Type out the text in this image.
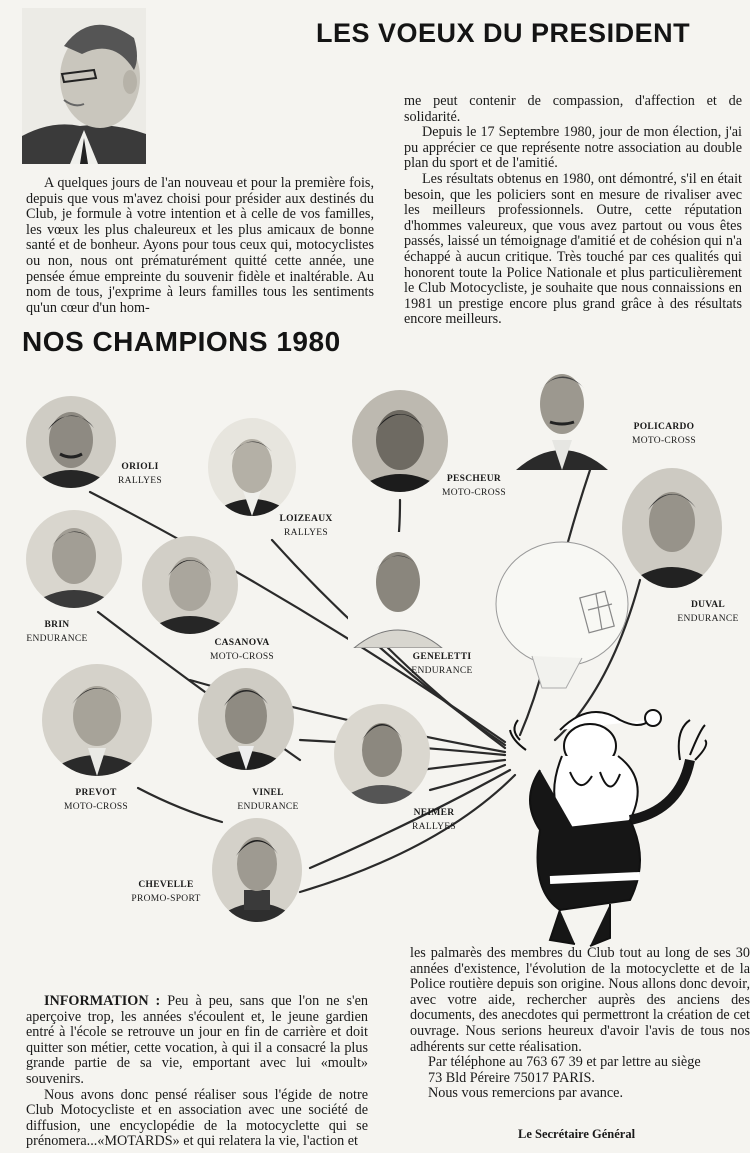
LES VOEUX DU PRESIDENT

A quelques jours de l'an nouveau et pour la première fois, depuis que vous m'avez choisi pour présider aux destinés du Club, je formule à votre intention et à celle de vos familles, les vœux les plus chaleureux et les plus amicaux de bonne santé et de bonheur. Ayons pour tous ceux qui, motocyclistes ou non, nous ont prématurément quitté cette année, une pensée émue empreinte du souvenir fidèle et inaltérable. Au nom de tous, j'exprime à leurs familles tous les sentiments qu'un cœur d'un hom-

me peut contenir de compassion, d'affection et de solidarité.

Depuis le 17 Septembre 1980, jour de mon élection, j'ai pu apprécier ce que représente notre association au double plan du sport et de l'amitié.

Les résultats obtenus en 1980, ont démontré, s'il en était besoin, que les policiers sont en mesure de rivaliser avec les meilleurs professionnels. Outre, cette réputation d'hommes valeureux, que vous avez partout ou vous êtes passés, laissé un témoignage d'amitié et de cohésion qui n'a échappé à aucun critique. Très touché par ces qualités qui honorent toute la Police Nationale et plus particulièrement le Club Motocycliste, je souhaite que nous connaissions en 1981 un prestige encore plus grand grâce à des résultats encore meilleurs.

NOS CHAMPIONS 1980
ORIOLI
RALLYES
LOIZEAUX
RALLYES
PESCHEUR
MOTO-CROSS
POLICARDO
MOTO-CROSS
BRIN
ENDURANCE	CASANOVA
MOTO-CROSS	GENELETTI
ENDURANCE
DUVAL
ENDURANCE
PREVOT
MOTO-CROSS
VINEL
ENDURANCE
NEIMER
RALLYES
CHEVELLE
PROMO-SPORT

INFORMATION : Peu à peu, sans que l'on ne s'en aperçoive trop, les années s'écoulent et, le jeune gardien entré à l'école se retrouve un jour en fin de carrière et doit quitter son métier, cette vocation, à qui il a consacré la plus grande partie de sa vie, emportant avec lui «moult» souvenirs.

Nous avons donc pensé réaliser sous l'égide de notre Club Motocycliste et en association avec une société de diffusion, une encyclopédie de la motocyclette qui se prénomera...«MOTARDS» et qui relatera la vie, l'action et

les palmarès des membres du Club tout au long de ses 30 années d'existence, l'évolution de la motocyclette et de la Police routière depuis son origine. Nous allons donc devoir, avec votre aide, rechercher auprès des anciens des documents, des anecdotes qui permettront la création de cet ouvrage. Nous serions heureux d'avoir l'avis de tous nos adhérents sur cette réalisation.

Par téléphone au 763 67 39 et par lettre au siège

73 Bld Péreire 75017 PARIS.

Nous vous remercions par avance.

Le Secrétaire Général
